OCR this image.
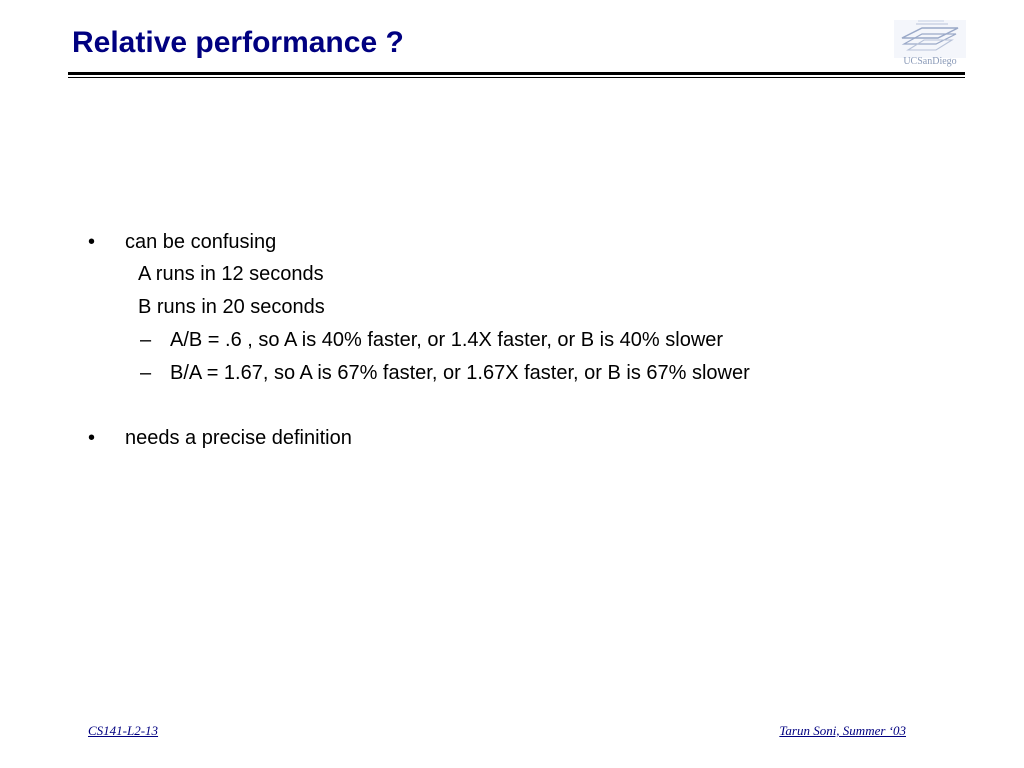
Relative performance ?
UCSanDiego
• can be confusing
A runs in 12 seconds
B runs in 20 seconds
– A/B = .6 , so A is 40% faster, or 1.4X faster, or B is 40% slower
– B/A = 1.67, so A is 67% faster, or 1.67X faster, or B is 67% slower
• needs a precise definition
CS141-L2-13	Tarun Soni, Summer ‘03
